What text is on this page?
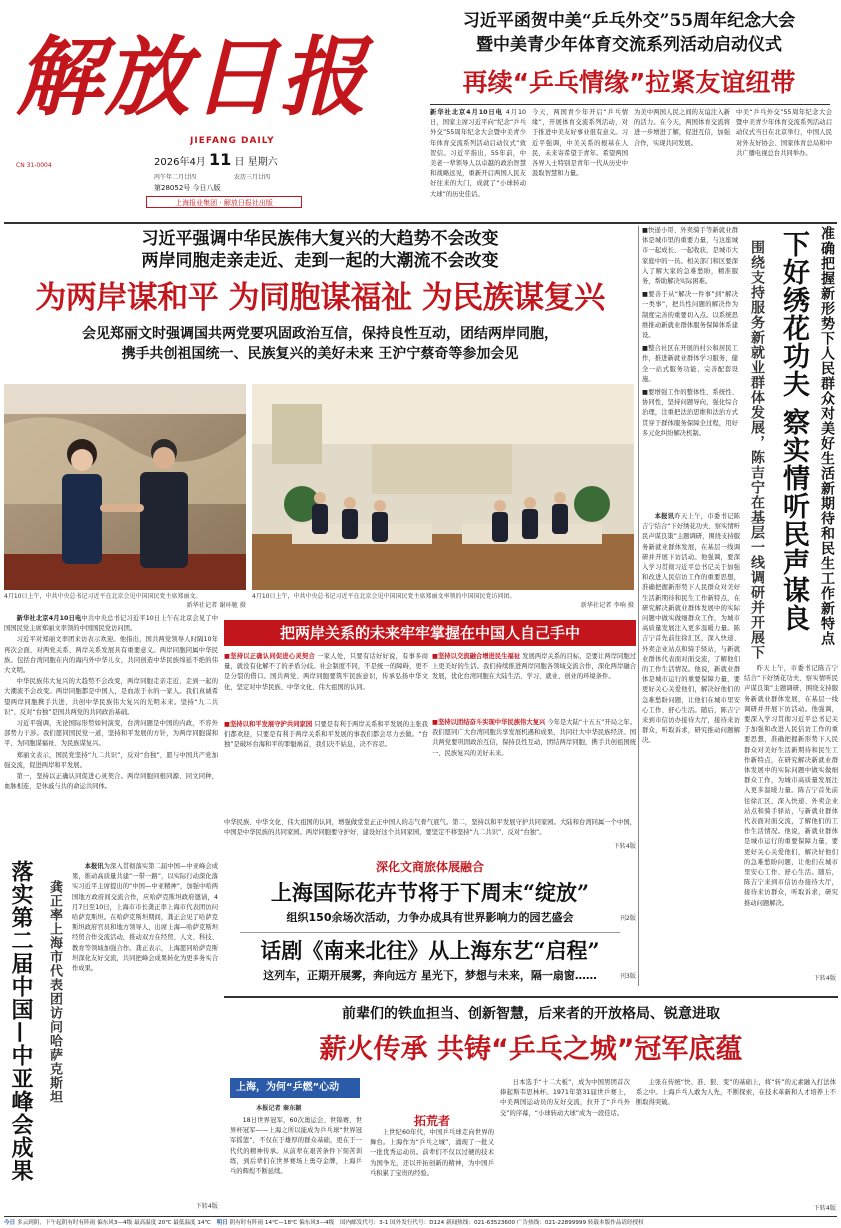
解放日报
JIEFANG DAILY
2026年4月 11 日 星期六
丙午年二月廿四	农历三月廿四
第28052号 今日八版
上海报业集团 · 解放日报社出版
CN 31-0004
习近平函贺中美“乒乓外交”55周年纪念大会
暨中美青少年体育交流系列活动启动仪式
再续“乒乓情缘”拉紧友谊纽带
新华社北京4月10日电 4月10日，国家主席习近平向“纪念“乒乓外交”55周年纪念大会暨中美青少年体育交流系列活动启动仪式”致贺信。习近平指出，55年前，中美老一辈领导人以卓越的政治智慧和战略远见，重新开启两国人民友好往来的大门，成就了“小球转动大球”的历史佳话。
今天，两国青少年开启“乒乓情缘”，开展体育交流系列活动，对于推进中美友好事业很有意义。习近平强调，中美关系的根基在人民，未来寄希望于青年。希望两国各界人士特别是青年一代从历史中汲取智慧和力量。
为美中两国人民之间的友谊注入新的活力。在今天，两国体育交流将进一步增进了解，促进互信，加强合作，实现共同发展。
中美“乒乓外交”55周年纪念大会暨中美青少年体育交流系列活动启动仪式当日在北京举行，中国人民对外友好协会、国家体育总局和中共广播电视总台共同举办。
习近平强调中华民族伟大复兴的大趋势不会改变
两岸同胞走亲走近、走到一起的大潮流不会改变
为两岸谋和平 为同胞谋福祉 为民族谋复兴
会见郑丽文时强调国共两党要巩固政治互信，保持良性互动，团结两岸同胞，
携手共创祖国统一、民族复兴的美好未来 王沪宁蔡奇等参加会见
4月10日上午，中共中央总书记习近平在北京会见中国国民党主席郑丽文。
新华社记者 谢环驰 摄
4月10日上午，中共中央总书记习近平在北京会见中国国民党主席郑丽文率领的中国国民党访问团。
新华社记者 李响 摄

新华社北京4月10日电中共中央总书记习近平10日上午在北京会见了中国国民党主席郑丽文率领的中国国民党访问团。

习近平对郑丽文率团来访表示欢迎。他指出，国共两党领导人时隔10年再次会面，对两党关系、两岸关系发展具有重要意义。两岸同胞同属中华民族。包括台湾同胞在内的海内外中华儿女，共同创造中华民族绵延不绝的伟大文明。

中华民族伟大复兴的大趋势不会改变，两岸同胞走亲走近、走到一起的大潮流不会改变。两岸同胞都是中国人，是血浓于水的一家人。我们真诚希望两岸同胞携手共进，共创中华民族伟大复兴的光明未来。坚持“九二共识”、反对“台独”是国共两党的共同政治基础。

习近平强调，无论国际形势如何演变，台湾问题是中国的内政，不容外部势力干涉。我们愿同国民党一道，坚持和平发展的方针，为两岸同胞谋和平、为同胞谋福祉、为民族谋复兴。

郑丽文表示，国民党坚持“九二共识”，反对“台独”，愿与中国共产党加强交流，促进两岸和平发展。

第一，坚持以正确认同促进心灵契合。两岸同胞同根同源、同文同种，血脉相连，是休戚与共的命运共同体。

把两岸关系的未来牢牢掌握在中国人自己手中
■坚持以正确认同促进心灵契合 一家人处，只要有话好好说，有事多商量，就没有化解不了的矛盾分歧。社会制度不同，不是统一的障碍，更不是分裂的借口。国共两党、两岸同胞要筑牢民族意识，传承弘扬中华文化，坚定对中华民族、中华文化、伟大祖国的认同。
■坚持以和平发展守护共同家园 只要是有利于两岸关系和平发展的主张我们都欢迎，只要是有利于两岸关系和平发展的事我们都会尽力去做。“台独”是破坏台海和平的罪魁祸首，我们决不姑息，决不容忍。
■坚持以交流融合增进民生福祉 发展两岸关系的目标，是要让两岸同胞过上更美好的生活。我们持续推进两岸同胞各领域交流合作，深化两岸融合发展，优化台湾同胞在大陆生活、学习、就业、创业的环境条件。
■坚持以团结奋斗实现中华民族伟大复兴 今年是大陆“十五五”开局之年。我们愿同广大台湾同胞共享发展机遇和成果，共同壮大中华民族经济。国共两党要巩固政治互信，保持良性互动，团结两岸同胞，携手共创祖国统一、民族复兴的美好未来。
中华民族、中华文化、伟大祖国的认同，增强做堂堂正正中国人的志气骨气底气。第二，坚持以和平发展守护共同家园。大陆和台湾同属一个中国，中国是中华民族的共同家园。两岸同胞要守护好、建设好这个共同家园，要坚定不移坚持“九二共识”、反对“台独”。
下转4版
落实第二届中国—中亚峰会成果	龚正率上海市代表团访问哈萨克斯坦

本报讯为深入贯彻落实第二届中国—中亚峰会成果，推动高质量共建“一带一路”，以实际行动深化落实习近平主席提出的“中国—中亚精神”，加强中哈两国地方政府间交流合作，应哈萨克斯坦政府邀请，4月7日至10日，上海市市长龚正率上海市代表团访问哈萨克斯坦。在哈萨克斯坦期间，龚正会见了哈萨克斯坦政府官员和地方领导人，出席上海—哈萨克斯坦经贸合作交流活动，推动双方在经贸、人文、科技、教育等领域加强合作。龚正表示，上海愿同哈萨克斯坦深化友好交流，共同把峰会成果转化为更多务实合作成果。

下转4版
深化文商旅体展融合
上海国际花卉节将于下周末“绽放”
组织150余场次活动，力争办成具有世界影响力的园艺盛会	刊2版
话剧《南来北往》从上海东艺“启程”
这列车，正期开展雾，奔向远方 星光下，梦想与未来，隔一扇窗……	刊3版
■快递小哥、外卖骑手等新就业群体是城市里的重要力量，与这座城市一起成长、一起收获，是城市大家庭中的一员。相关部门和区要深入了解大家的急难愁盼，精准服务，帮助解决实际困难。
■要善于从“解决一件事”到“解决一类事”，把共性问题的解决作为制度完善的重要切入点。以系统思维推动新就业群体服务保障体系建设。
■整合社区在开展的村公和居民工作，推进新就业群体学习服务，健全一站式服务功能、完善配套设施。
■要增强工作的整体性、系统性、协同性，坚持问题导向，强化综合治理，注重把法治思维和法治方式贯穿于群体服务保障全过程，用好多元化纠纷解决机制。	准确把握新形势下人民群众对美好生活新期待和民生工作新特点
下好绣花功夫 察实情听民声谋良
围绕支持服务新就业群体发展，陈吉宁在基层一线调研并开展下

本报讯昨天上午，市委书记陈吉宁结合“下好绣花功夫、察实情听民声谋良策”主题调研，围绕支持服务新就业群体发展，在基层一线调研并开展下访活动。他强调，要深入学习贯彻习近平总书记关于加强和改进人民信访工作的重要思想，准确把握新形势下人民群众对美好生活新期待和民生工作新特点，在研究解决新就业群体发展中的实际问题中做实做细群众工作，为城市高质量发展注入更多温暖力量。陈吉宁首先前往徐汇区，深入快递、外卖企业站点和骑手驿站，与新就业群体代表面对面交流，了解他们的工作生活情况。他说，新就业群体是城市运行的重要保障力量，要更好关心关爱他们，解决好他们的急难愁盼问题，让他们在城市里安心工作、舒心生活。随后，陈吉宁来到市信访办接待大厅，接待来访群众，听取诉求，研究推动问题解决。

昨天上午，市委书记陈吉宁结合“下好绣花功夫、察实情听民声谋良策”主题调研，围绕支持服务新就业群体发展，在基层一线调研并开展下访活动。他强调，要深入学习贯彻习近平总书记关于加强和改进人民信访工作的重要思想，准确把握新形势下人民群众对美好生活新期待和民生工作新特点，在研究解决新就业群体发展中的实际问题中做实做细群众工作，为城市高质量发展注入更多温暖力量。陈吉宁首先前往徐汇区，深入快递、外卖企业站点和骑手驿站，与新就业群体代表面对面交流，了解他们的工作生活情况。他说，新就业群体是城市运行的重要保障力量，要更好关心关爱他们，解决好他们的急难愁盼问题，让他们在城市里安心工作、舒心生活。随后，陈吉宁来到市信访办接待大厅，接待来访群众，听取诉求，研究推动问题解决。

下转4版
前辈们的铁血担当、创新智慧，后来者的开放格局、锐意进取
薪火传承 共铸“乒乓之城”冠军底蕴
上海，为何“乒燃”心动
本报记者 秦东颖

18日世界冠军，60次奥运会、世锦赛、世界杯冠军——上海之所以能成为乒乓球“世界冠军摇篮”，不仅在于雄厚的群众基础，更在于一代代的精神传承。从前辈在艰苦条件下刻苦训练，到后辈们在世界赛场上勇夺金牌，上海乒乓的辉煌不断延续。

拓荒者

上世纪60年代，中国乒乓球走向世界的舞台。上海作为“乒乓之城”，涌现了一批又一批优秀运动员。前辈们不仅以过硬的技术为国争光，还以开拓创新的精神，为中国乒乓积累了宝贵的经验。

日本选手“十二大板”，成为中国男团首次捧起斯韦思林杯。1971年第31届世乒赛上，中美两国运动员的友好交流，拉开了“乒乓外交”的序幕，“小球转动大球”成为一段佳话。

主张在传统“快、准、狠、变”的基础上，将“转”的元素融入打法体系之中。上海乒乓人敢为人先，不断探索，在技术革新和人才培养上不断取得突破。

下转4版
今日 多云到阴，下午起阴有时有阵雨 偏东风3—4级 最高温度 20℃ 最低温度 14℃ 明日 阴有时有阵雨 14℃—18℃ 偏东风3—4级 国内邮发代号：3-1 国外发行代号：D124 新闻热线：021-63523600 广告热线：021-22899999 转载本版作品请经授权
